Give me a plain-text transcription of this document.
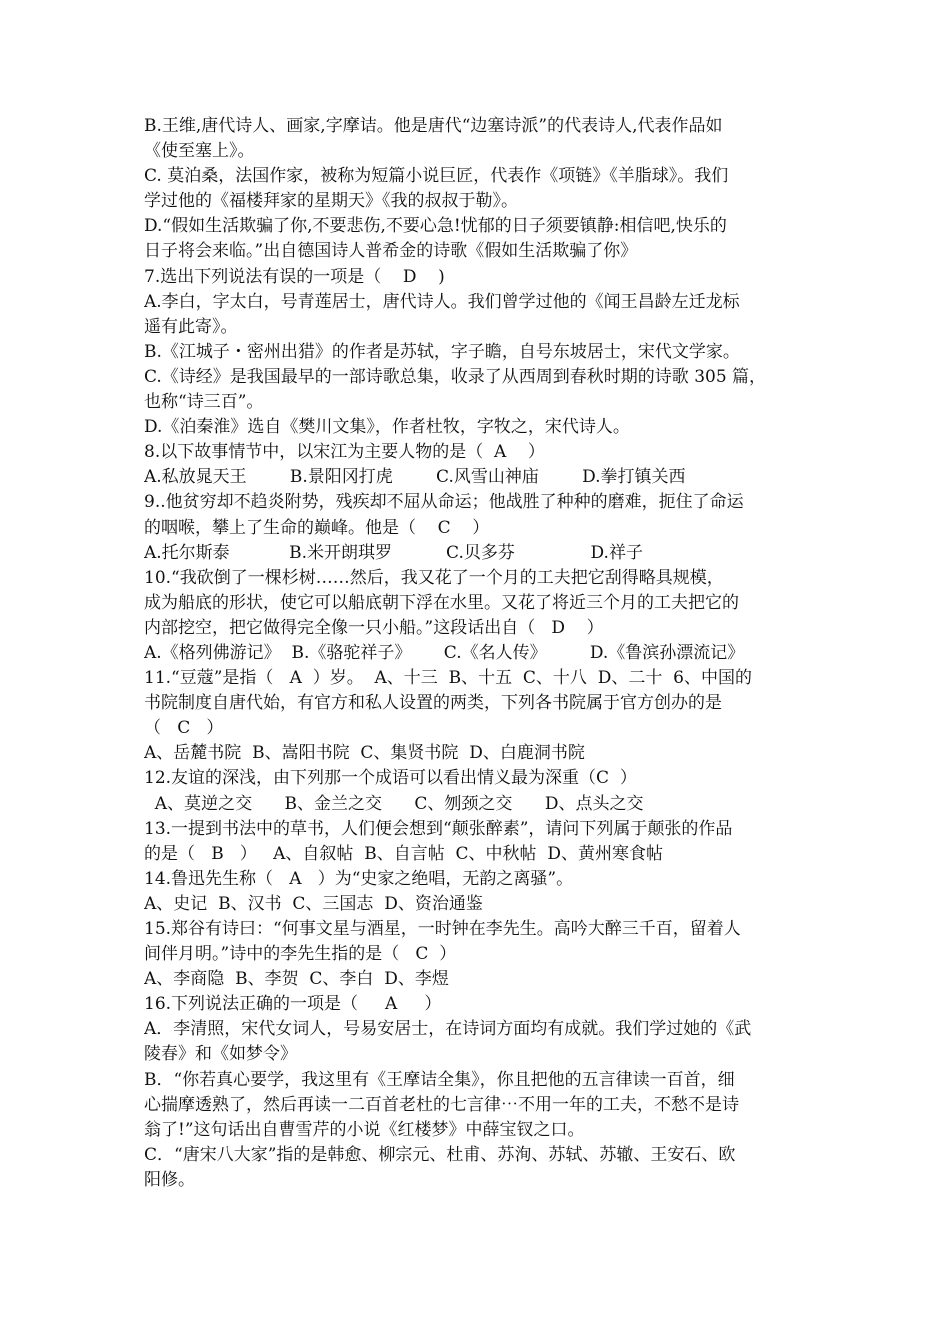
B.王维,唐代诗人、画家,字摩诘。他是唐代“边塞诗派”的代表诗人,代表作品如
《使至塞上》。
C. 莫泊桑，法国作家，被称为短篇小说巨匠，代表作《项链》《羊脂球》。我们
学过他的《福楼拜家的星期天》《我的叔叔于勒》。
D.“假如生活欺骗了你,不要悲伤,不要心急!忧郁的日子须要镇静:相信吧,快乐的
日子将会来临。”出自德国诗人普希金的诗歌《假如生活欺骗了你》
7.选出下列说法有误的一项是（    D    )
A.李白，字太白，号青莲居士，唐代诗人。我们曾学过他的《闻王昌龄左迁龙标
遥有此寄》。
B.《江城子・密州出猎》的作者是苏轼，字子瞻，自号东坡居士，宋代文学家。
C.《诗经》是我国最早的一部诗歌总集，收录了从西周到春秋时期的诗歌 305 篇，
也称“诗三百”。
D.《泊秦淮》选自《樊川文集》，作者杜牧，字牧之，宋代诗人。
8.以下故事情节中，以宋江为主要人物的是（  A    ）
A.私放晁天王        B.景阳冈打虎        C.风雪山神庙        D.拳打镇关西
9..他贫穷却不趋炎附势，残疾却不屈从命运；他战胜了种种的磨难，扼住了命运
的咽喉，攀上了生命的巅峰。他是（    C    ）
A.托尔斯泰           B.米开朗琪罗          C.贝多芬              D.祥子
10.“我砍倒了一棵杉树……然后，我又花了一个月的工夫把它刮得略具规模，
成为船底的形状，使它可以船底朝下浮在水里。又花了将近三个月的工夫把它的
内部挖空，把它做得完全像一只小船。”这段话出自（   D    ）
A.《格列佛游记》  B.《骆驼祥子》      C.《名人传》        D.《鲁滨孙漂流记》
11.“豆蔻”是指（   A  ）岁。  A、十三  B、十五  C、十八  D、二十  6、中国的
书院制度自唐代始，有官方和私人设置的两类，下列各书院属于官方创办的是
（   C   ）
A、岳麓书院  B、嵩阳书院  C、集贤书院  D、白鹿洞书院
12.友谊的深浅，由下列那一个成语可以看出情义最为深重（C  ）
A、莫逆之交      B、金兰之交      C、刎颈之交      D、点头之交
13.一提到书法中的草书，人们便会想到“颠张醉素”，请问下列属于颠张的作品
的是（   B   ）   A、自叙帖  B、自言帖  C、中秋帖  D、黄州寒食帖
14.鲁迅先生称（   A   ）为“史家之绝唱，无韵之离骚”。
A、史记  B、汉书  C、三国志  D、资治通鉴
15.郑谷有诗曰：“何事文星与酒星，一时钟在李先生。高吟大醉三千百，留着人
间伴月明。”诗中的李先生指的是（   C  ）
A、李商隐  B、李贺  C、李白  D、李煜
16.下列说法正确的一项是（     A     ）
A．李清照，宋代女词人，号易安居士，在诗词方面均有成就。我们学过她的《武
陵春》和《如梦令》
B．“你若真心要学，我这里有《王摩诘全集》，你且把他的五言律读一百首，细
心揣摩透熟了，然后再读一二百首老杜的七言律⋯不用一年的工夫，不愁不是诗
翁了!”这句话出自曹雪芹的小说《红楼梦》中薛宝钗之口。
C．“唐宋八大家”指的是韩愈、柳宗元、杜甫、苏洵、苏轼、苏辙、王安石、欧
阳修。
